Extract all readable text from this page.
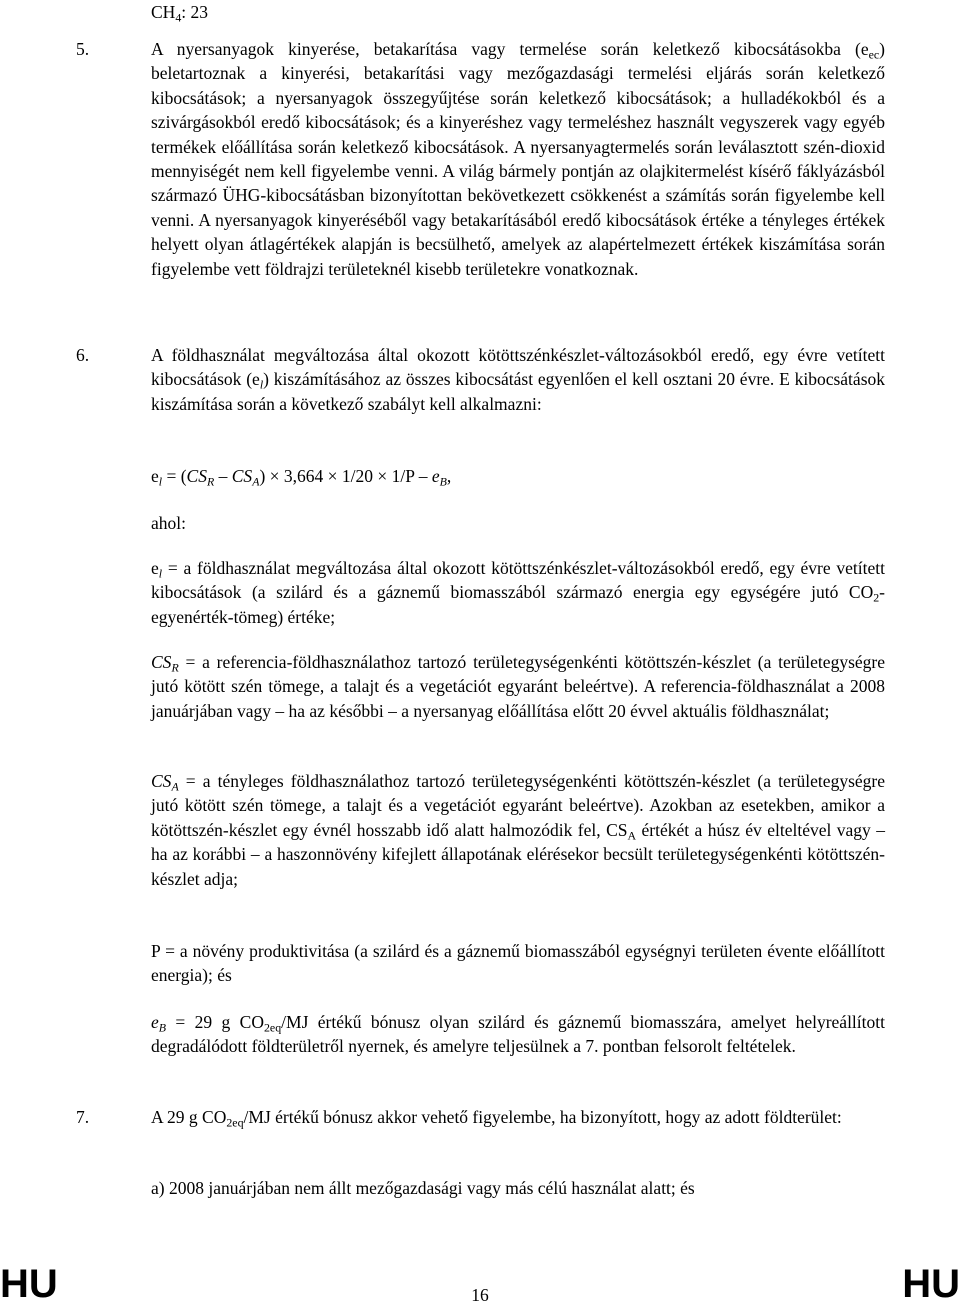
$CH_4$: 23
5.	A nyersanyagok kinyerése, betakarítása vagy termelése során keletkező kibocsátásokba $(e_{ec})$ beletartoznak a kinyerési, betakarítási vagy mezőgazdasági termelési eljárás során keletkező kibocsátások; a nyersanyagok összegyűjtése során keletkező kibocsátások; a hulladékokból és a szivárgásokból eredő kibocsátások; és a kinyeréshez vagy termeléshez használt vegyszerek vagy egyéb termékek előállítása során keletkező kibocsátások. A nyersanyagtermelés során leválasztott szén-dioxid mennyiségét nem kell figyelembe venni. A világ bármely pontján az olajkitermelést kísérő fáklyázásból származó ÜHG-kibocsátásban bizonyítottan bekövetkezett csökkenést a számítás során figyelembe kell venni. A nyersanyagok kinyeréséből vagy betakarításából eredő kibocsátások értéke a tényleges értékek helyett olyan átlagértékek alapján is becsülhető, amelyek az alapértelmezett értékek kiszámítása során figyelembe vett földrajzi területeknél kisebb területekre vonatkoznak.
6.	A földhasználat megváltozása által okozott kötöttszénkészlet-változásokból eredő, egy évre vetített kibocsátások $(e_l)$ kiszámításához az összes kibocsátást egyenlően el kell osztani 20 évre. E kibocsátások kiszámítása során a következő szabályt kell alkalmazni:
$e_l = (CS_R - CS_A) \times 3,664 \times 1/20 \times 1/P - e_B$,
ahol:
$e_l = a$ földhasználat megváltozása által okozott kötöttszénkészlet-változásokból eredő, egy évre vetített kibocsátások (a szilárd és a gáznemű biomasszából származó energia egy egységére jutó $CO_2-egyenérték-tömeg$) értéke;
$CS_R = a$ referencia-földhasználathoz tartozó területegységenkénti kötöttszén-készlet (a területegységre jutó kötött szén tömege, a talajt és a vegetációt egyaránt beleértve). A referencia-földhasználat a 2008 januárjában vagy – ha az későbbi – a nyersanyag előállítása előtt 20 évvel aktuális földhasználat;
$CS_A = a$ tényleges földhasználathoz tartozó területegységenkénti kötöttszén-készlet (a területegységre jutó kötött szén tömege, a talajt és a vegetációt egyaránt beleértve). Azokban az esetekben, amikor a kötöttszén-készlet egy évnél hosszabb idő alatt halmozódik fel, $CS_A$ értékét a húsz év elteltével vagy – ha az korábbi – a haszonnövény kifejlett állapotának elérésekor becsült területegységenkénti kötöttszén-készlet adja;
P = a növény produktivitása (a szilárd és a gáznemű biomasszából egységnyi területen évente előállított energia); és
$e_B = 29$ g $CO_{2eq}/MJ$ értékű bónusz olyan szilárd és gáznemű biomasszára, amelyet helyreállított degradálódott földterületről nyernek, és amelyre teljesülnek a 7. pontban felsorolt feltételek.
7.	A 29 g $CO_{2eq}/MJ$ értékű bónusz akkor vehető figyelembe, ha bizonyított, hogy az adott földterület:
a) 2008 januárjában nem állt mezőgazdasági vagy más célú használat alatt; és
HU	16	HU
